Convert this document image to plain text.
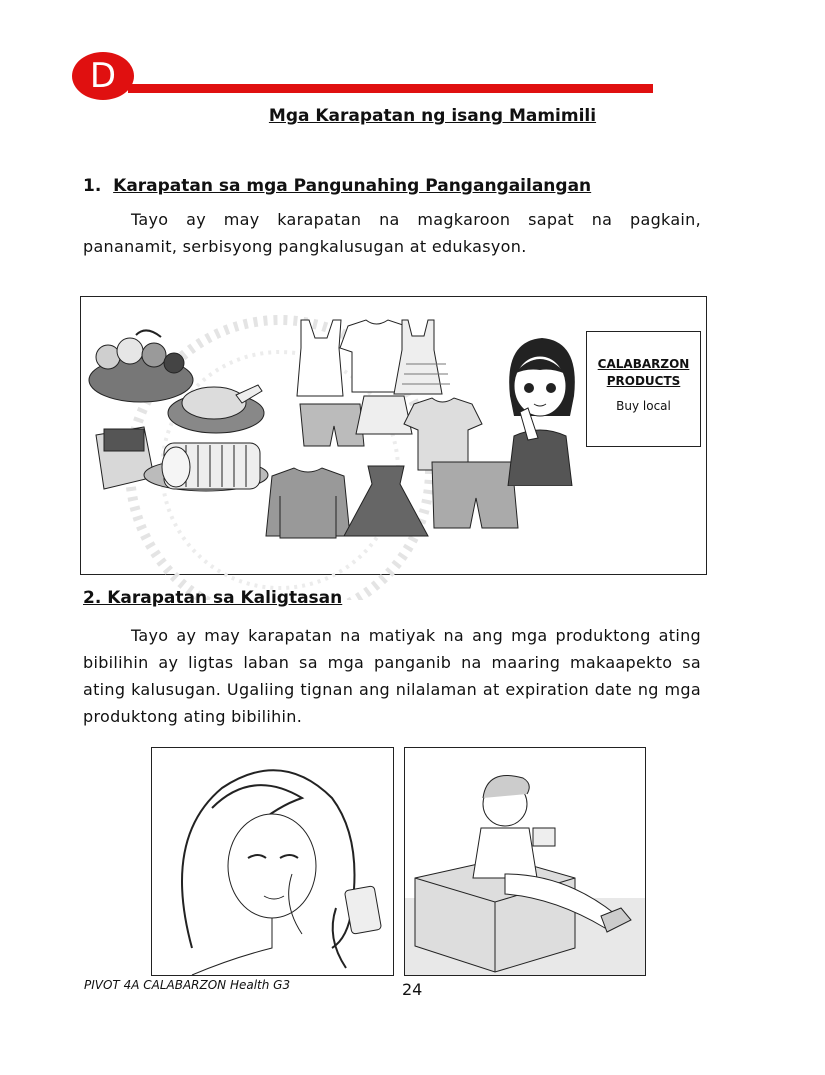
D
Mga Karapatan ng isang Mamimili
1. Karapatan sa mga Pangunahing Pangangailangan
Tayo ay may karapatan na magkaroon sapat na pagkain, pananamit, serbisyong pangkalusugan at edukasyon.
CALABARZON
PRODUCTS
Buy local
2. Karapatan sa Kaligtasan
Tayo ay may karapatan na matiyak na ang mga produktong ating bibilihin ay ligtas laban sa mga panganib na maaring makaapekto sa ating kalusugan. Ugaliing tignan ang nilalaman at expiration date ng mga produktong ating bibilihin.
PIVOT 4A CALABARZON Health G3	24
